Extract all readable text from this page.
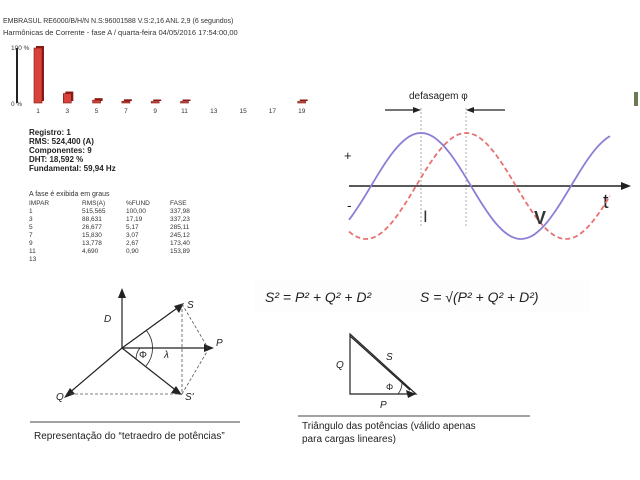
EMBRASUL RE6000/B/H/N N.S:96001588 V.S:2,16 ANL 2,9 (6 segundos)
Harmônicas de Corrente - fase A / quarta-feira 04/05/2016 17:54:00,00
100 %
0 %
1	3	5	7	9	11	13	15	17	19
Registro: 1
RMS: 524,400 (A)
Componentes: 9
DHT: 18,592 %
Fundamental: 59,94 Hz
A fase é exibida em graus
IMPAR	RMS(A)	%FUND	FASE
1	515,565	100,00	337,98
3	88,631	17,19	337,23
5	26,677	5,17	285,11
7	15,830	3,07	245,12
9	13,778	2,67	173,40
11	4,690	0,90	153,89
13			
defasagem φ
t
+
-
I	V
S² = P² + Q² + D²	S = √(P² + Q² + D²)
D
S
P
Q	S'
Φ λ
Representação do “tetraedro de potências”
Q
S
P
Φ
Triângulo das potências (válido apenas
para cargas lineares)
